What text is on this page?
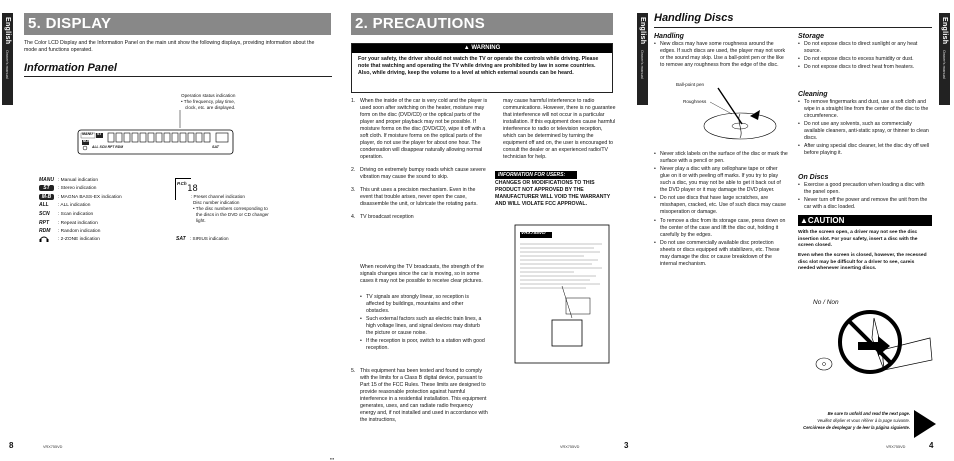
English
Owner's manual
5. DISPLAY
The Color LCD Display and the Information Panel on the main unit show the following displays, providing information about the mode and functions operated.
Information Panel
Operation status indication
• The frequency, play time,
clock, etc. are displayed.
MANU ST
M-B
ALL SCN RPT RDM	SAT
MANU : Manual indication
ST	: Stereo indication
M-B	: MAGNA BASS-EX indication
ALL	: ALL indication
SCN	: Scan indication
RPT	: Repeat indication
RDM	: Random indication
: 2-ZONE indication
P.Ch
18
: Preset channel indication
Disc number indication
• The disc numbers corresponding to
the discs in the DVD or CD changer
light.
SAT : SIRIUS indication
8	VRX755VD
2. PRECAUTIONS
▲ WARNING
For your safety, the driver should not watch the TV or operate the controls while driving. Please note that watching and operating the TV while driving are prohibited by law in some countries. Also, while driving, keep the volume to a level at which external sounds can be heard.
1. When the inside of the car is very cold and the player is used soon after switching on the heater, moisture may form on the disc (DVD/CD) or the optical parts of the player and proper playback may not be possible. If moisture forms on the disc (DVD/CD), wipe it off with a soft cloth. If moisture forms on the optical parts of the player, do not use the player for about one hour. The condensation will disappear naturally allowing normal operation.
2. Driving on extremely bumpy roads which cause severe vibration may cause the sound to skip.
3. This unit uses a precision mechanism. Even in the event that trouble arises, never open the case, disassemble the unit, or lubricate the rotating parts.
4. TV broadcast reception
When receiving the TV broadcasts, the strength of the signals changes since the car is moving, so in some cases it may not be possible to receive clear pictures.
• TV signals are strongly linear, so reception is affected by buildings, mountains and other obstacles.
• Such external factors such as electric train lines, a high voltage lines, and signal devices may disturb the picture or cause noise.
• If the reception is poor, switch to a station with good reception.
5. This equipment has been tested and found to comply with the limits for a Class B digital device, pursuant to Part 15 of the FCC Rules. These limits are designed to provide reasonable protection against harmful interference in a residential installation. This equipment generates, uses, and can radiate radio frequency energy and, if not installed and used in accordance with the instructions,
may cause harmful interference to radio communications. However, there is no guarantee that interference will not occur in a particular installation. If this equipment does cause harmful interference to radio or television reception, which can be determined by turning the equipment off and on, the user is encouraged to consult the dealer or an experienced radio/TV technician for help.
INFORMATION FOR USERS:
CHANGES OR MODIFICATIONS TO THIS PRODUCT NOT APPROVED BY THE MANUFACTURER WILL VOID THE WARRANTY AND WILL VIOLATE FCC APPROVAL.
VRX755VD
VRX755VD	3
▪▪▪
English
Owner's manual
English
Owner's manual
Handling Discs
Handling
• New discs may have some roughness around the edges. If such discs are used, the player may not work or the sound may skip. Use a ball-point pen or the like to remove any roughness from the edge of the disc.
Ball-point pen
Roughness
• Never stick labels on the surface of the disc or mark the surface with a pencil or pen.
• Never play a disc with any cellophane tape or other glue on it or with peeling off marks. If you try to play such a disc, you may not be able to get it back out of the DVD player or it may damage the DVD player.
• Do not use discs that have large scratches, are misshapen, cracked, etc. Use of such discs may cause misoperation or damage.
• To remove a disc from its storage case, press down on the center of the case and lift the disc out, holding it carefully by the edges.
• Do not use commercially available disc protection sheets or discs equipped with stabilizers, etc. These may damage the disc or cause breakdown of the internal mechanism.
Storage
• Do not expose discs to direct sunlight or any heat source.
• Do not expose discs to excess humidity or dust.
• Do not expose discs to direct heat from heaters.
Cleaning
• To remove fingermarks and dust, use a soft cloth and wipe in a straight line from the center of the disc to the circumference.
• Do not use any solvents, such as commercially available cleaners, anti-static spray, or thinner to clean discs.
• After using special disc cleaner, let the disc dry off well before playing it.
On Discs
• Exercise a good precaution when loading a disc with the panel open.
• Never turn off the power and remove the unit from the car with a disc loaded.
▲CAUTION
With the screen open, a driver may not see the disc insertion slot. For your safety, insert a disc with the screen closed.
Even when the screen is closed, however, the recessed disc slot may be difficult for a driver to see, careis needed whenever inserting discs.
No / Non
Be sure to unfold and read the next page.
Veuillez déplier et vous référer à la page suivante.
Cerciórese de desplegar y de leer la página siguiente.
VRX755VD	4
